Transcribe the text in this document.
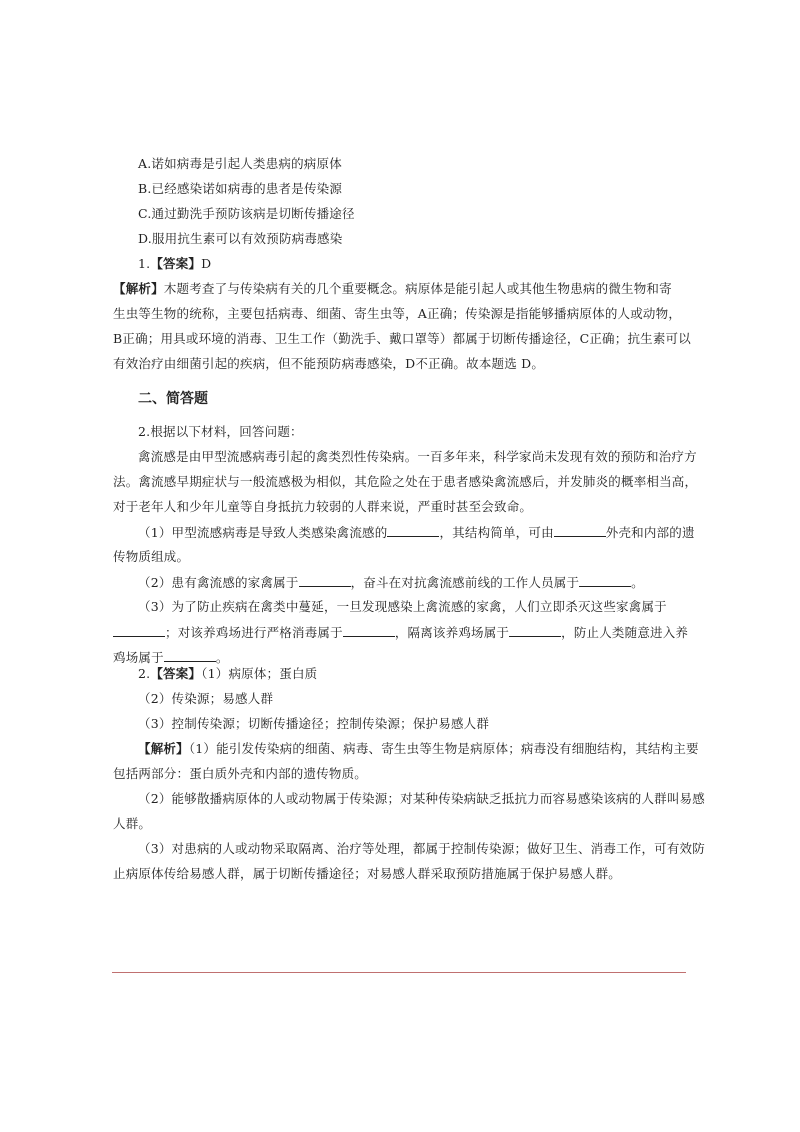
A.诺如病毒是引起人类患病的病原体
B.已经感染诺如病毒的患者是传染源
C.通过勤洗手预防该病是切断传播途径
D.服用抗生素可以有效预防病毒感染
1.【答案】D
【解析】木题考查了与传染病有关的几个重要概念。病原体是能引起人或其他生物患病的微生物和寄
生虫等生物的统称，主要包括病毒、细菌、寄生虫等，A正确；传染源是指能够播病原体的人或动物，
B正确；用具或环境的消毒、卫生工作（勤洗手、戴口罩等）都属于切断传播途径，C正确；抗生素可以
有效治疗由细菌引起的疾病，但不能预防病毒感染，D不正确。故本题选 D。
二、简答题
2.根据以下材料，回答问题：
禽流感是由甲型流感病毒引起的禽类烈性传染病。一百多年来，科学家尚未发现有效的预防和治疗方
法。禽流感早期症状与一般流感极为相似，其危险之处在于患者感染禽流感后，并发肺炎的概率相当高，
对于老年人和少年儿童等自身抵抗力较弱的人群来说，严重时甚至会致命。
（1）甲型流感病毒是导致人类感染禽流感的	，其结构简单，可由	外壳和内部的遗
传物质组成。
（2）患有禽流感的家禽属于	，奋斗在对抗禽流感前线的工作人员属于	。
（3）为了防止疾病在禽类中蔓延，一旦发现感染上禽流感的家禽，人们立即杀灭这些家禽属于
；对该养鸡场进行严格消毒属于	，隔离该养鸡场属于	，防止人类随意进入养
鸡场属于	。
2.【答案】（1）病原体；蛋白质
（2）传染源；易感人群
（3）控制传染源；切断传播途径；控制传染源；保护易感人群
【解析】（1）能引发传染病的细菌、病毒、寄生虫等生物是病原体；病毒没有细胞结构，其结构主要
包括两部分：蛋白质外壳和内部的遗传物质。
（2）能够散播病原体的人或动物属于传染源；对某种传染病缺乏抵抗力而容易感染该病的人群叫易感
人群。
（3）对患病的人或动物采取隔离、治疗等处理，都属于控制传染源；做好卫生、消毒工作，可有效防
止病原体传给易感人群，属于切断传播途径；对易感人群采取预防措施属于保护易感人群。
